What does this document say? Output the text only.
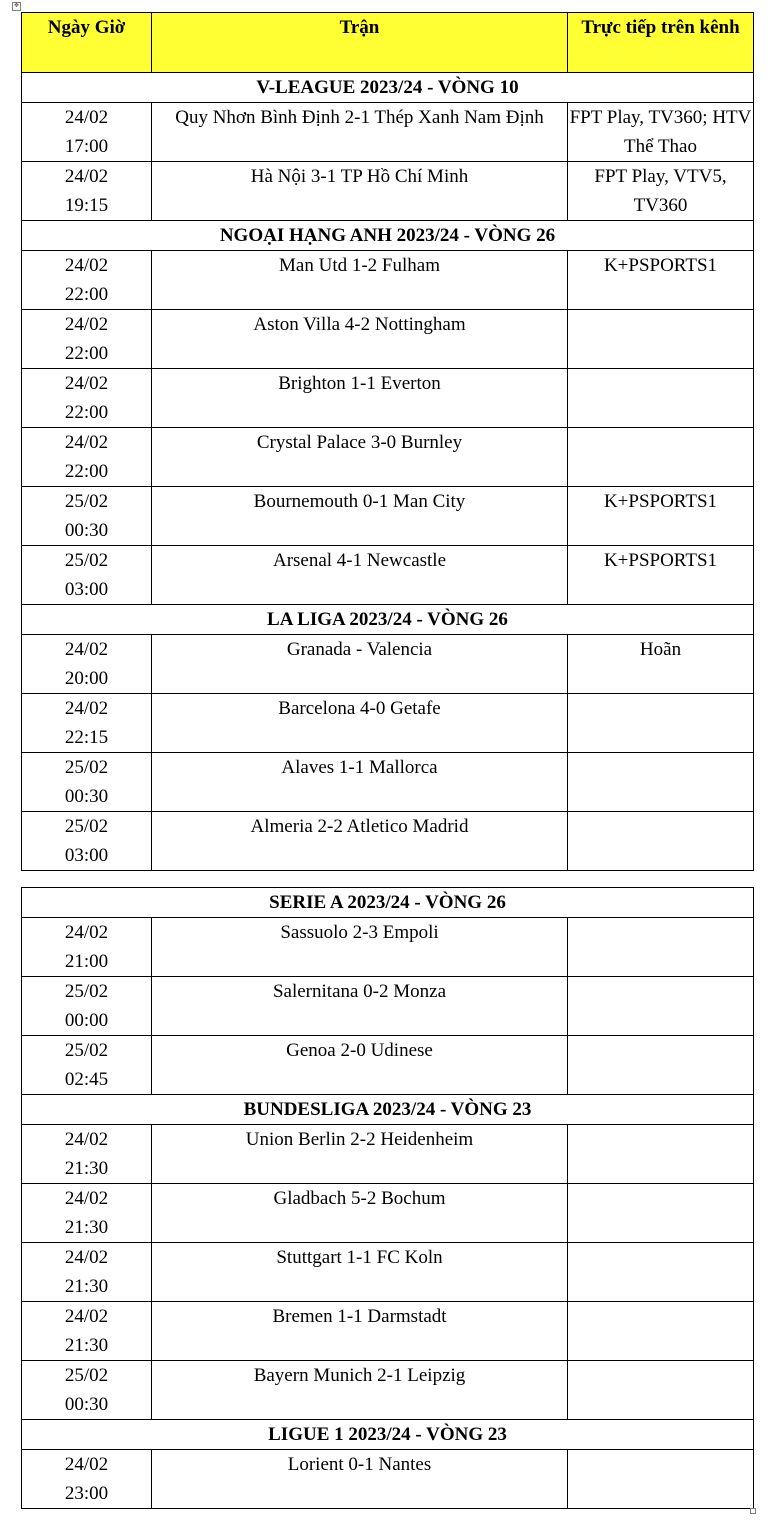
✥
Ngày Giờ	Trận	Trực tiếp trên kênh
V-LEAGUE 2023/24 - VÒNG 10		

24/02
17:00	Quy Nhơn Bình Định 2-1 Thép Xanh Nam Định	FPT Play, TV360; HTV Thể Thao

24/02
19:15	Hà Nội 3-1 TP Hồ Chí Minh	FPT Play, VTV5, TV360
NGOẠI HẠNG ANH 2023/24 - VÒNG 26		

24/02
22:00	Man Utd 1-2 Fulham	K+PSPORTS1

24/02
22:00	Aston Villa 4-2 Nottingham	

24/02
22:00	Brighton 1-1 Everton	

24/02
22:00	Crystal Palace 3-0 Burnley	

25/02
00:30	Bournemouth 0-1 Man City	K+PSPORTS1

25/02
03:00	Arsenal 4-1 Newcastle	K+PSPORTS1
LA LIGA 2023/24 - VÒNG 26		

24/02
20:00	Granada - Valencia	Hoãn

24/02
22:15	Barcelona 4-0 Getafe	

25/02
00:30	Alaves 1-1 Mallorca	

25/02
03:00	Almeria 2-2 Atletico Madrid	
SERIE A 2023/24 - VÒNG 26		

24/02
21:00	Sassuolo 2-3 Empoli	

25/02
00:00	Salernitana 0-2 Monza	

25/02
02:45	Genoa 2-0 Udinese	
BUNDESLIGA 2023/24 - VÒNG 23		

24/02
21:30	Union Berlin 2-2 Heidenheim	

24/02
21:30	Gladbach 5-2 Bochum	

24/02
21:30	Stuttgart 1-1 FC Koln	

24/02
21:30	Bremen 1-1 Darmstadt	

25/02
00:30	Bayern Munich 2-1 Leipzig	
LIGUE 1 2023/24 - VÒNG 23		

24/02
23:00	Lorient 0-1 Nantes	
